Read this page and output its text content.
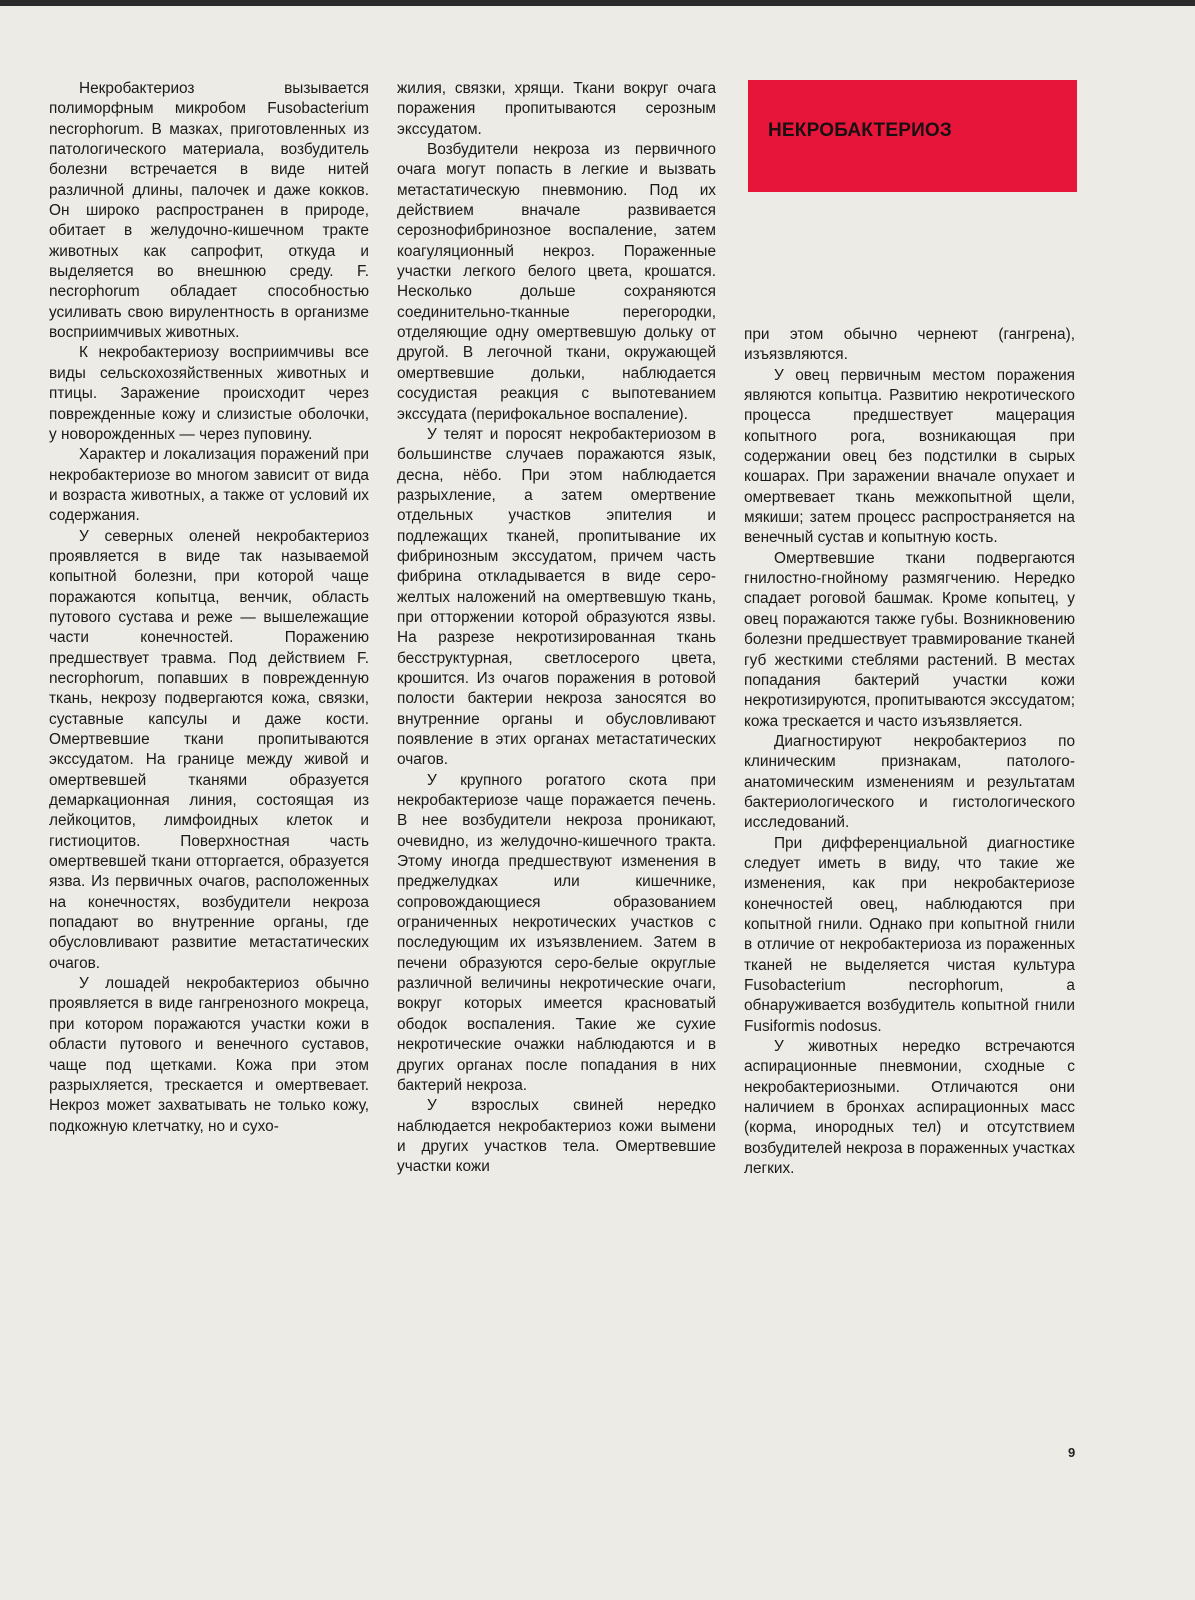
Некробактериоз вызывается полиморфным микробом Fusobacterium necrophorum. В мазках, приготовленных из патологического материала, возбудитель болезни встречается в виде нитей различной длины, палочек и даже кокков. Он широко распространен в природе, обитает в желудочно-кишечном тракте животных как сапрофит, откуда и выделяется во внешнюю среду. F. necrophorum обладает способностью усиливать свою вирулентность в организме восприимчивых животных.

К некробактериозу восприимчивы все виды сельскохозяйственных животных и птицы. Заражение происходит через поврежденные кожу и слизистые оболочки, у новорожденных — через пуповину.

Характер и локализация поражений при некробактериозе во многом зависит от вида и возраста животных, а также от условий их содержания.

У северных оленей некробактериоз проявляется в виде так называемой копытной болезни, при которой чаще поражаются копытца, венчик, область путового сустава и реже — вышележащие части конечностей. Поражению предшествует травма. Под действием F. necrophorum, попавших в поврежденную ткань, некрозу подвергаются кожа, связки, суставные капсулы и даже кости. Омертвевшие ткани пропитываются экссудатом. На границе между живой и омертвевшей тканями образуется демаркационная линия, состоящая из лейкоцитов, лимфоидных клеток и гистиоцитов. Поверхностная часть омертвевшей ткани отторгается, образуется язва. Из первичных очагов, расположенных на конечностях, возбудители некроза попадают во внутренние органы, где обусловливают развитие метастатических очагов.

У лошадей некробактериоз обычно проявляется в виде гангренозного мокреца, при котором поражаются участки кожи в области путового и венечного суставов, чаще под щетками. Кожа при этом разрыхляется, трескается и омертвевает. Некроз может захватывать не только кожу, подкожную клетчатку, но и сухо-

жилия, связки, хрящи. Ткани вокруг очага поражения пропитываются серозным экссудатом.

Возбудители некроза из первичного очага могут попасть в легкие и вызвать метастатическую пневмонию. Под их действием вначале развивается серознофибринозное воспаление, затем коагуляционный некроз. Пораженные участки легкого белого цвета, крошатся. Несколько дольше сохраняются соединительно-тканные перегородки, отделяющие одну омертвевшую дольку от другой. В легочной ткани, окружающей омертвевшие дольки, наблюдается сосудистая реакция с выпотеванием экссудата (перифокальное воспаление).

У телят и поросят некробактериозом в большинстве случаев поражаются язык, десна, нёбо. При этом наблюдается разрыхление, а затем омертвение отдельных участков эпителия и подлежащих тканей, пропитывание их фибринозным экссудатом, причем часть фибрина откладывается в виде серо-желтых наложений на омертвевшую ткань, при отторжении которой образуются язвы. На разрезе некротизированная ткань бесструктурная, светлосерого цвета, крошится. Из очагов поражения в ротовой полости бактерии некроза заносятся во внутренние органы и обусловливают появление в этих органах метастатических очагов.

У крупного рогатого скота при некробактериозе чаще поражается печень. В нее возбудители некроза проникают, очевидно, из желудочно-кишечного тракта. Этому иногда предшествуют изменения в преджелудках или кишечнике, сопровождающиеся образованием ограниченных некротических участков с последующим их изъязвлением. Затем в печени образуются серо-белые округлые различной величины некротические очаги, вокруг которых имеется красноватый ободок воспаления. Такие же сухие некротические очажки наблюдаются и в других органах после попадания в них бактерий некроза.

У взрослых свиней нередко наблюдается некробактериоз кожи вымени и других участков тела. Омертвевшие участки кожи

НЕКРОБАКТЕРИОЗ

при этом обычно чернеют (гангрена), изъязвляются.

У овец первичным местом поражения являются копытца. Развитию некротического процесса предшествует мацерация копытного рога, возникающая при содержании овец без подстилки в сырых кошарах. При заражении вначале опухает и омертвевает ткань межкопытной щели, мякиши; затем процесс распространяется на венечный сустав и копытную кость.

Омертвевшие ткани подвергаются гнилостно-гнойному размягчению. Нередко спадает роговой башмак. Кроме копытец, у овец поражаются также губы. Возникновению болезни предшествует травмирование тканей губ жесткими стеблями растений. В местах попадания бактерий участки кожи некротизируются, пропитываются экссудатом; кожа трескается и часто изъязвляется.

Диагностируют некробактериоз по клиническим признакам, патолого-анатомическим изменениям и результатам бактериологического и гистологического исследований.

При дифференциальной диагностике следует иметь в виду, что такие же изменения, как при некробактериозе конечностей овец, наблюдаются при копытной гнили. Однако при копытной гнили в отличие от некробактериоза из пораженных тканей не выделяется чистая культура Fusobacterium necrophorum, а обнаруживается возбудитель копытной гнили Fusiformis nodosus.

У животных нередко встречаются аспирационные пневмонии, сходные с некробактериозными. Отличаются они наличием в бронхах аспирационных масс (корма, инородных тел) и отсутствием возбудителей некроза в пораженных участках легких.

9
